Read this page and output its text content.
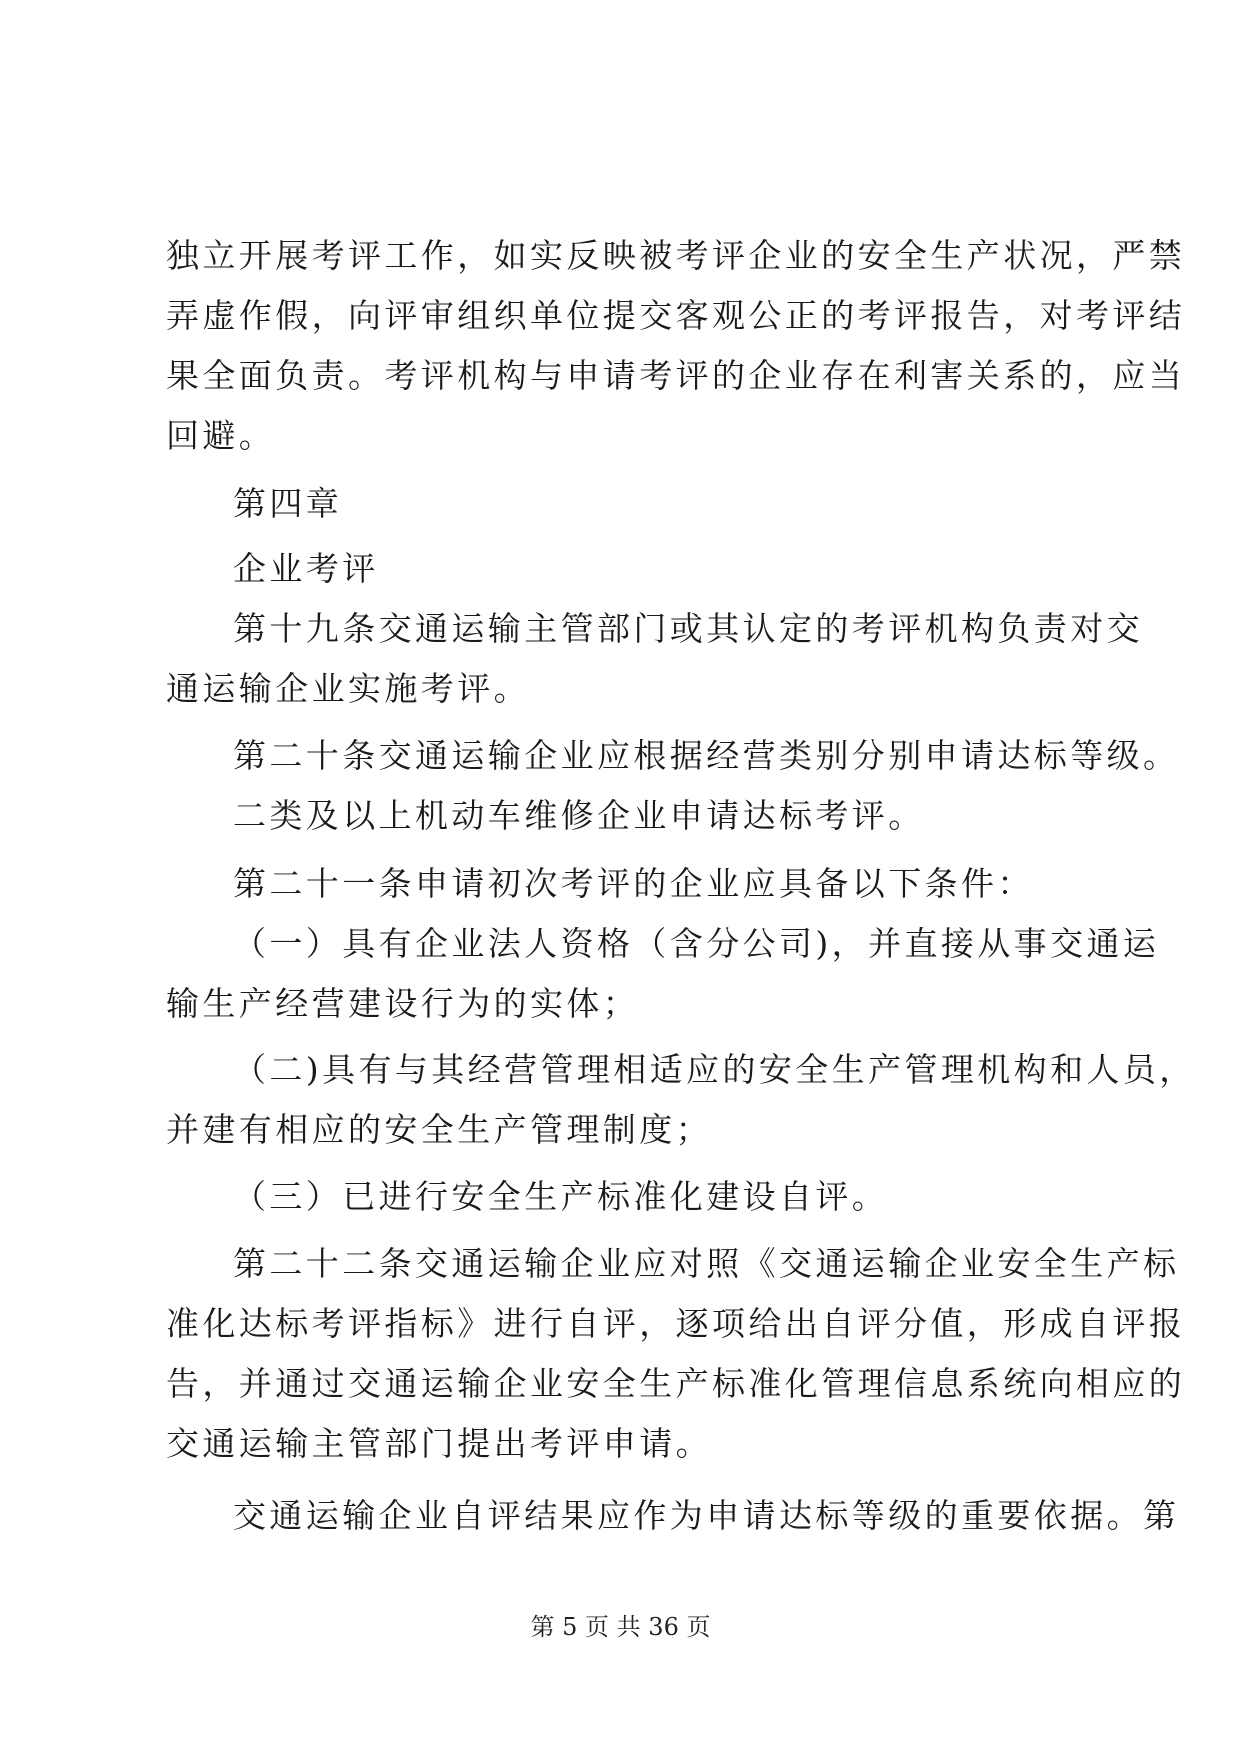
独立开展考评工作，如实反映被考评企业的安全生产状况，严禁
弄虚作假，向评审组织单位提交客观公正的考评报告，对考评结
果全面负责。考评机构与申请考评的企业存在利害关系的，应当
回避。
第四章
企业考评
第十九条交通运输主管部门或其认定的考评机构负责对交
通运输企业实施考评。
第二十条交通运输企业应根据经营类别分别申请达标等级。
二类及以上机动车维修企业申请达标考评。
第二十一条申请初次考评的企业应具备以下条件：
（一）具有企业法人资格（含分公司)，并直接从事交通运
输生产经营建设行为的实体；
（二)具有与其经营管理相适应的安全生产管理机构和人员，
并建有相应的安全生产管理制度；
（三）已进行安全生产标准化建设自评。
第二十二条交通运输企业应对照《交通运输企业安全生产标
准化达标考评指标》进行自评，逐项给出自评分值，形成自评报
告，并通过交通运输企业安全生产标准化管理信息系统向相应的
交通运输主管部门提出考评申请。
交通运输企业自评结果应作为申请达标等级的重要依据。第
第 5 页 共 36 页
